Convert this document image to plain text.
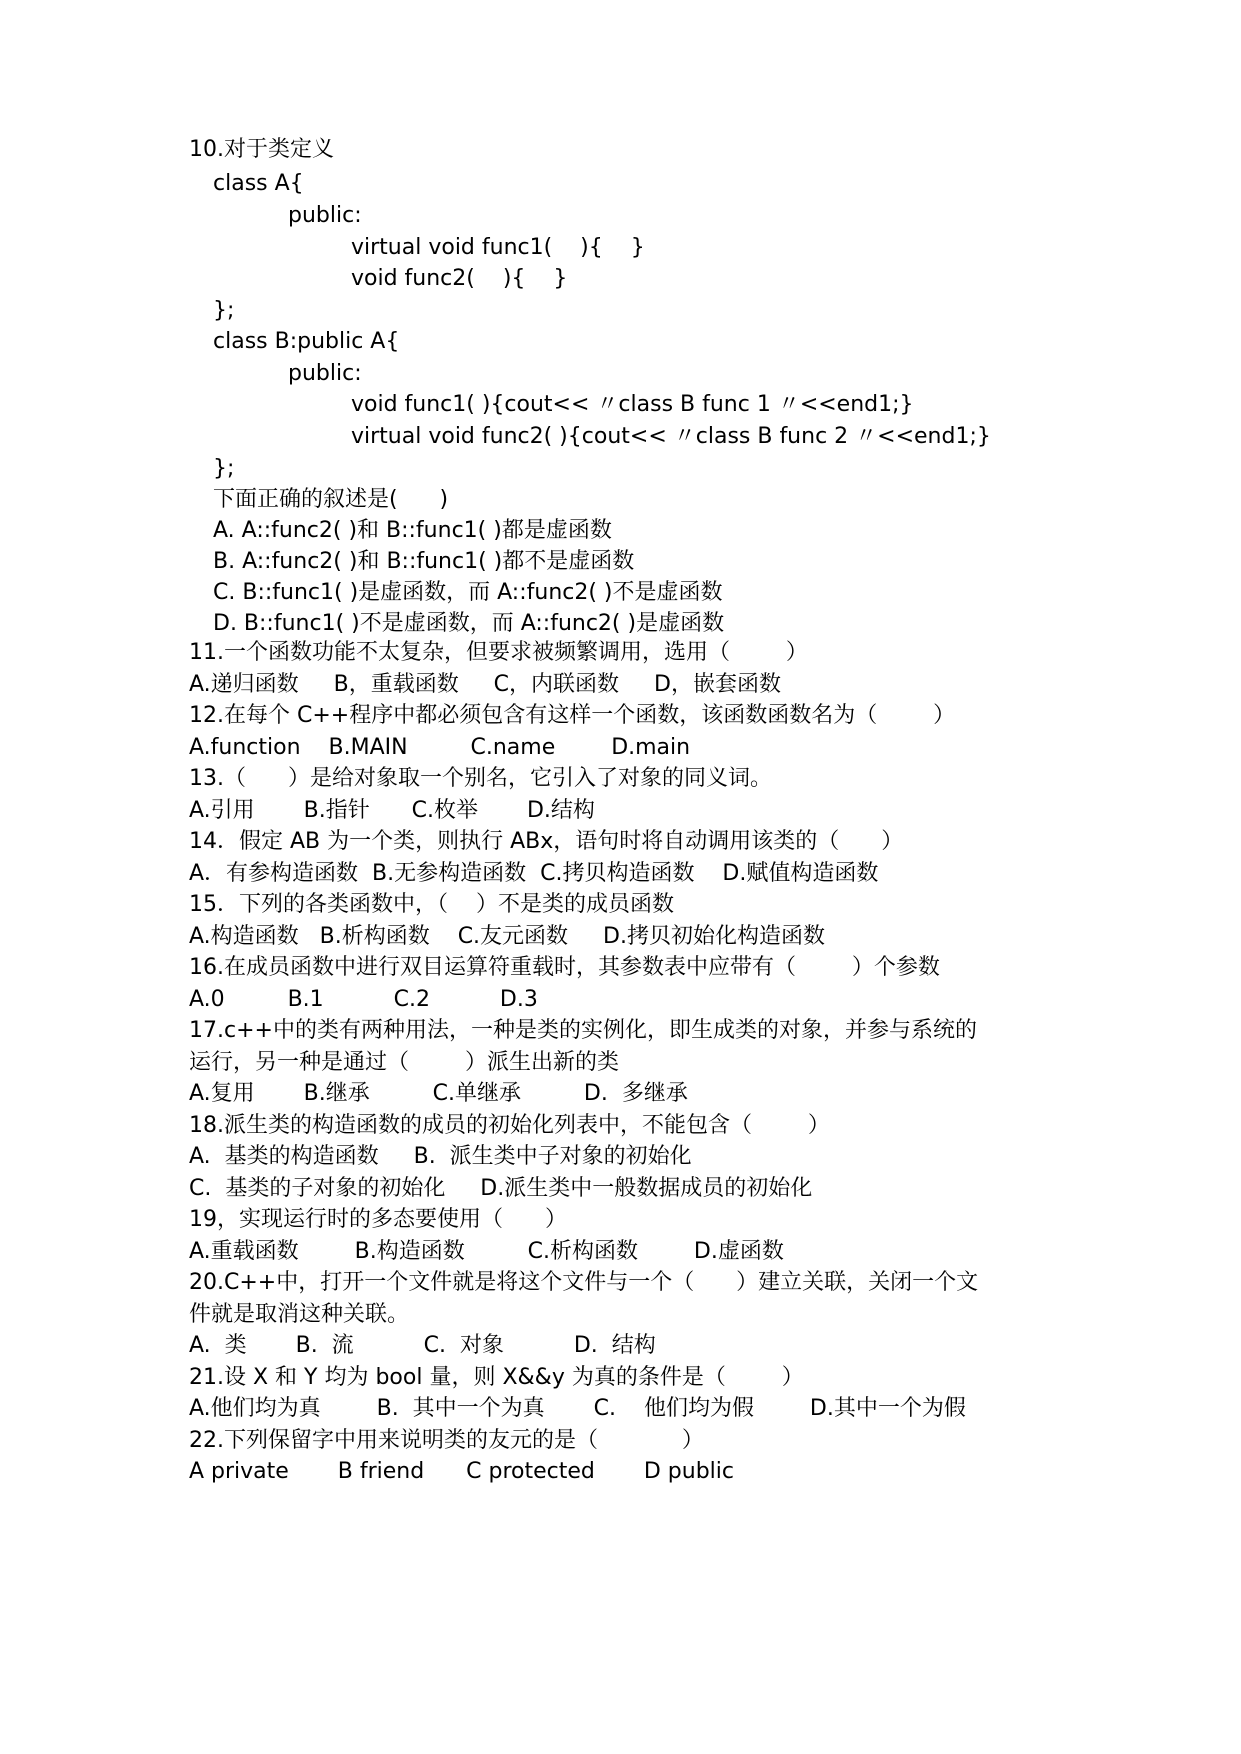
10.对于类定义
class A{
public:
virtual void func1(    ){    }
void func2(    ){    }
};
class B:public A{
public:
void func1( ){cout<< 〃class B func 1 〃<<end1;}
virtual void func2( ){cout<< 〃class B func 2 〃<<end1;}
};
下面正确的叙述是(      )
A. A::func2( )和 B::func1( )都是虚函数
B. A::func2( )和 B::func1( )都不是虚函数
C. B::func1( )是虚函数，而 A::func2( )不是虚函数
D. B::func1( )不是虚函数，而 A::func2( )是虚函数
11.一个函数功能不太复杂，但要求被频繁调用，选用（        ）
A.递归函数     B，重载函数     C，内联函数     D，嵌套函数
12.在每个 C++程序中都必须包含有这样一个函数，该函数函数名为（        ）
A.function    B.MAIN         C.name        D.main
13.（      ）是给对象取一个别名，它引入了对象的同义词。
A.引用       B.指针      C.枚举       D.结构
14．假定 AB 为一个类，则执行 ABx，语句时将自动调用该类的（      ）
A．有参构造函数  B.无参构造函数  C.拷贝构造函数    D.赋值构造函数
15．下列的各类函数中，（    ）不是类的成员函数
A.构造函数   B.析构函数    C.友元函数     D.拷贝初始化构造函数
16.在成员函数中进行双目运算符重载时，其参数表中应带有（        ）个参数
A.0         B.1          C.2          D.3
17.c++中的类有两种用法，一种是类的实例化，即生成类的对象，并参与系统的
运行，另一种是通过（        ）派生出新的类
A.复用       B.继承         C.单继承         D.  多继承
18.派生类的构造函数的成员的初始化列表中，不能包含（        ）
A.  基类的构造函数     B.  派生类中子对象的初始化
C.  基类的子对象的初始化     D.派生类中一般数据成员的初始化
19，实现运行时的多态要使用（      ）
A.重载函数        B.构造函数         C.析构函数        D.虚函数
20.C++中，打开一个文件就是将这个文件与一个（      ）建立关联，关闭一个文
件就是取消这种关联。
A.  类       B.  流          C.  对象          D.  结构
21.设 X 和 Y 均为 bool 量，则 X&&y 为真的条件是（        ）
A.他们均为真        B.  其中一个为真       C.    他们均为假        D.其中一个为假
22.下列保留字中用来说明类的友元的是（            ）
A private       B friend      C protected       D public
